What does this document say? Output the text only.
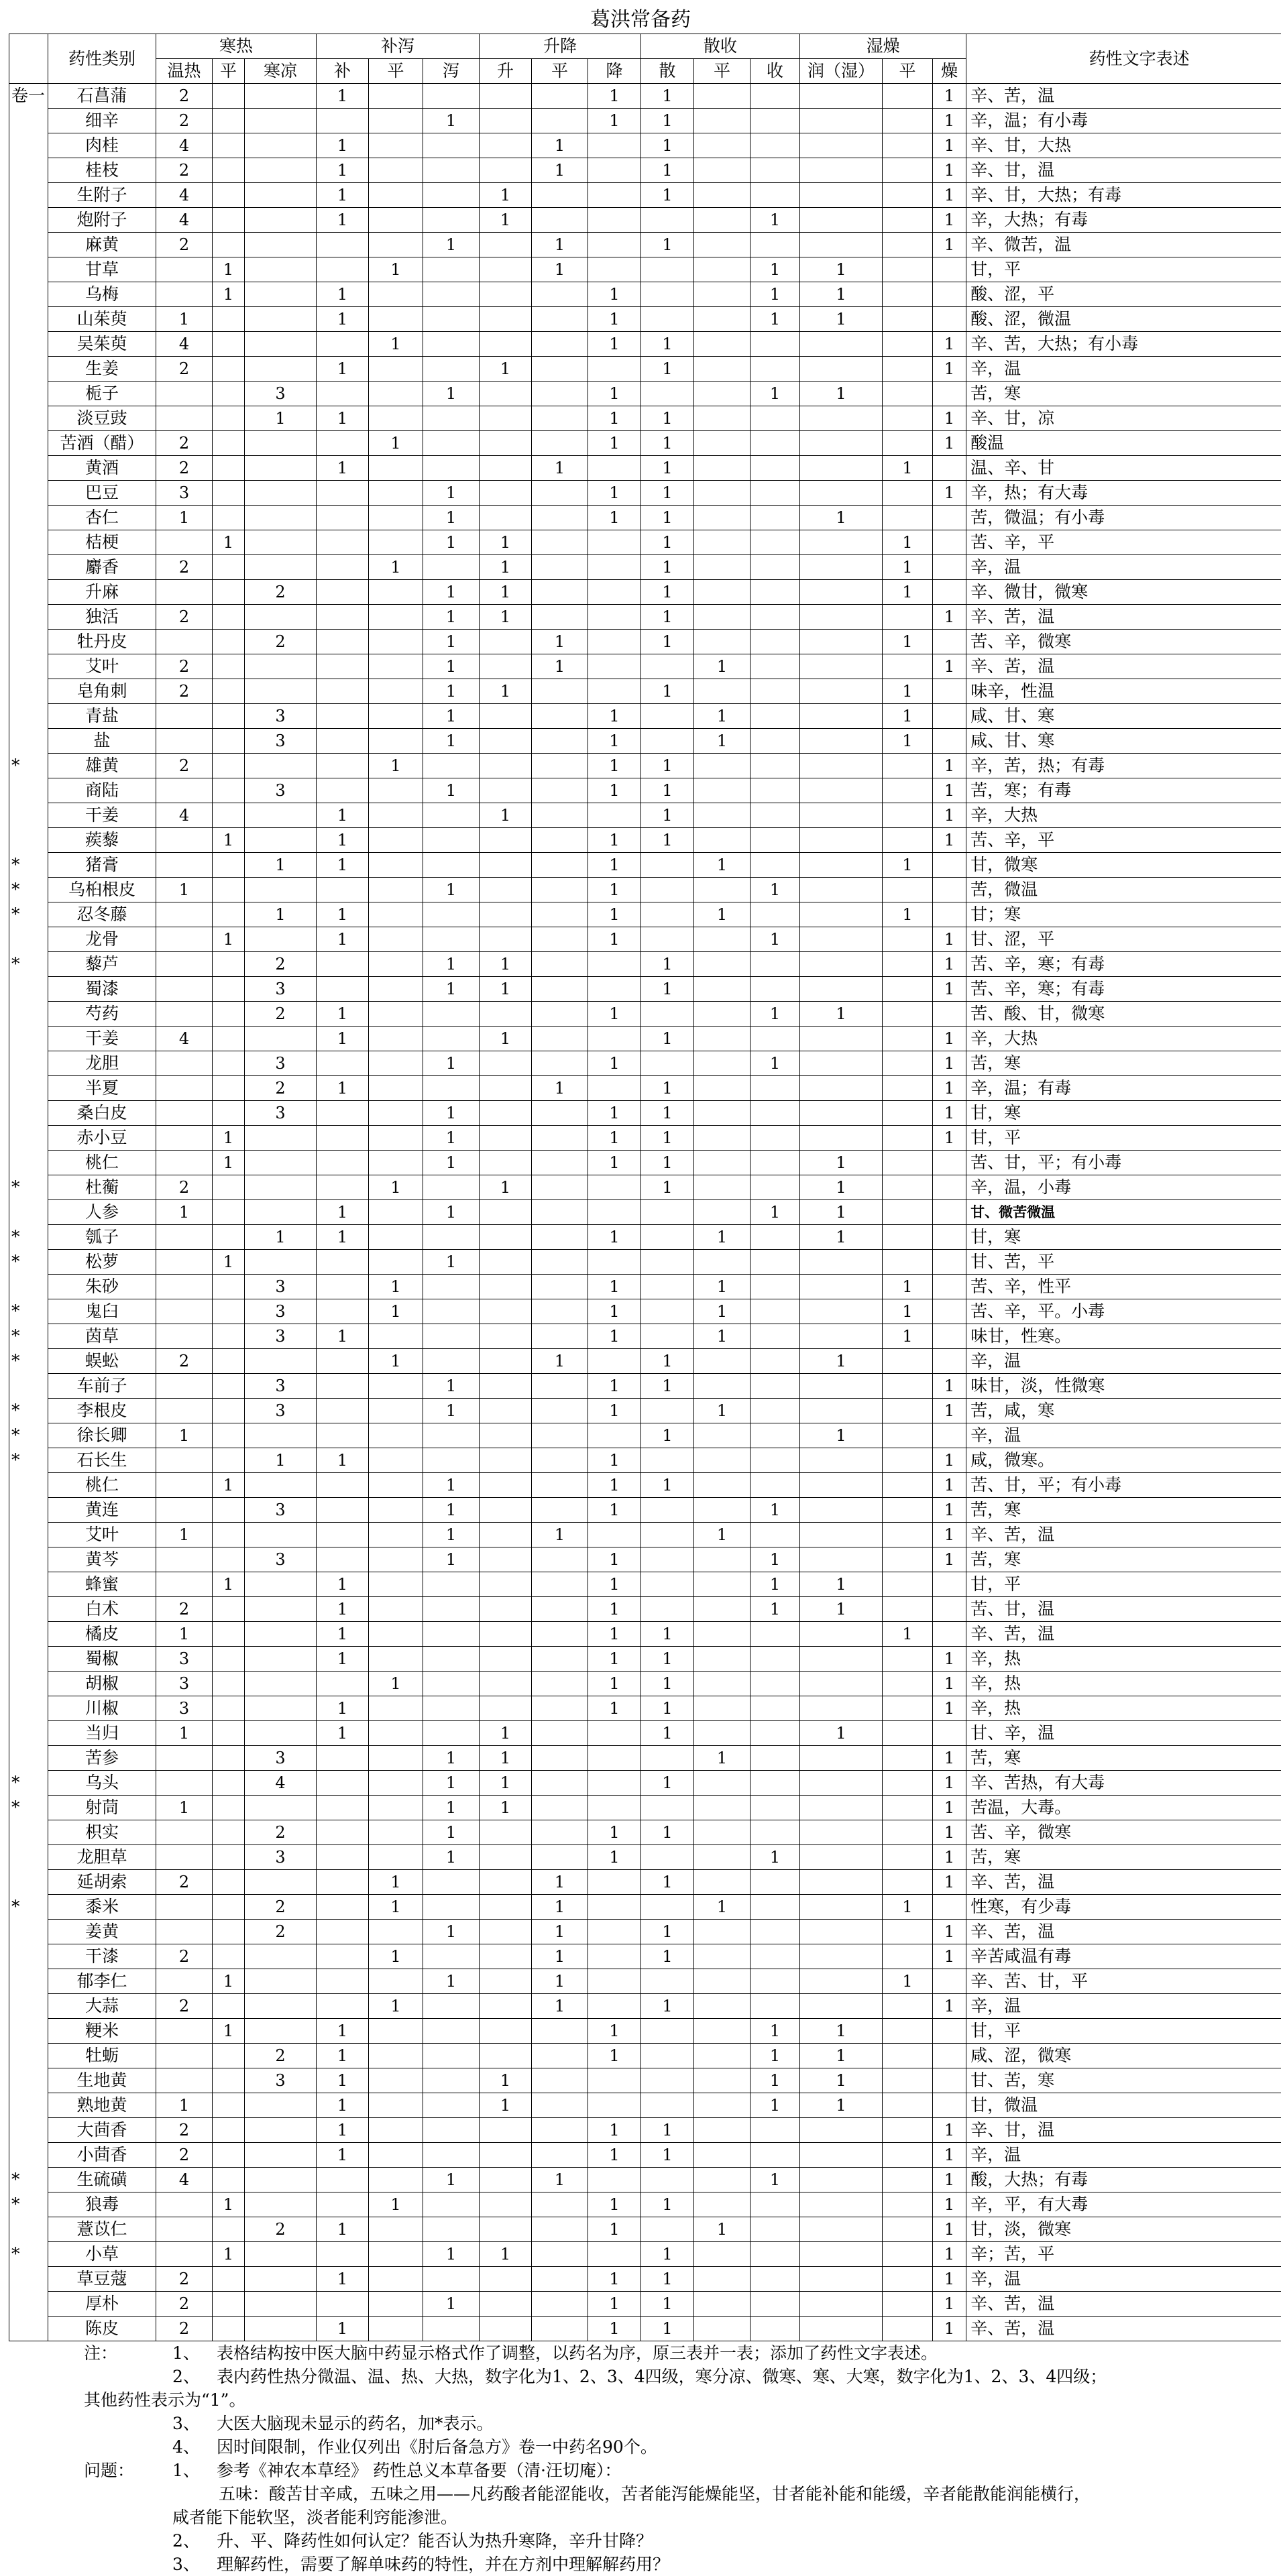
葛洪常备药
	药性类别	寒热			补泻			升降			散收			湿燥			药性文字表述
		温热	平	寒凉	补	平	泻	升	平	降	散	平	收	润（湿）	平	燥	
卷一	石菖蒲	2			1					1	1					1	辛、苦，温
	细辛	2					1			1	1					1	辛，温；有小毒
	肉桂	4			1				1		1					1	辛、甘，大热
	桂枝	2			1				1		1					1	辛、甘，温
	生附子	4			1			1			1					1	辛、甘，大热；有毒
	炮附子	4			1			1					1			1	辛，大热；有毒
	麻黄	2					1		1		1					1	辛、微苦，温
	甘草		1			1			1				1	1			甘，平
	乌梅		1		1					1			1	1			酸、涩，平
	山茱萸	1			1					1			1	1			酸、涩，微温
	吴茱萸	4				1				1	1					1	辛、苦，大热；有小毒
	生姜	2			1			1			1					1	辛，温
	栀子			3			1			1			1	1			苦，寒
	淡豆豉			1	1					1	1					1	辛、甘，凉
	苦酒（醋）	2				1				1	1					1	酸温
	黄酒	2			1				1		1				1		温、辛、甘
	巴豆	3					1			1	1					1	辛，热；有大毒
	杏仁	1					1			1	1			1			苦，微温；有小毒
	桔梗		1				1	1			1				1		苦、辛，平
	麝香	2				1		1			1				1		辛，温
	升麻			2			1	1			1				1		辛、微甘，微寒
	独活	2					1	1			1					1	辛、苦，温
	牡丹皮			2			1		1		1				1		苦、辛，微寒
	艾叶	2					1		1			1				1	辛、苦，温
	皂角刺	2					1	1			1				1		味辛，性温
	青盐			3			1			1		1			1		咸、甘、寒
	盐			3			1			1		1			1		咸、甘、寒
*	雄黄	2				1				1	1					1	辛，苦，热；有毒
	商陆			3			1			1	1					1	苦，寒；有毒
	干姜	4			1			1			1					1	辛，大热
	蒺藜		1		1					1	1					1	苦、辛，平
*	猪膏			1	1					1		1			1		甘，微寒
*	乌桕根皮	1					1			1			1				苦，微温
*	忍冬藤			1	1					1		1			1		甘；寒
	龙骨		1		1					1			1			1	甘、涩，平
*	藜芦			2			1	1			1					1	苦、辛，寒；有毒
	蜀漆			3			1	1			1					1	苦、辛，寒；有毒
	芍药			2	1					1			1	1			苦、酸、甘，微寒
	干姜	4			1			1			1					1	辛，大热
	龙胆			3			1			1			1			1	苦，寒
	半夏			2	1				1		1					1	辛，温；有毒
	桑白皮			3			1			1	1					1	甘，寒
	赤小豆		1				1			1	1					1	甘，平
	桃仁		1				1			1	1			1			苦、甘，平；有小毒
*	杜蘅	2				1		1			1			1			辛，温，小毒
	人参	1			1		1						1	1			甘、微苦微温
*	瓠子			1	1					1		1		1			甘，寒
*	松萝		1				1										甘、苦，平
	朱砂			3		1				1		1			1		苦、辛，性平
*	鬼臼			3		1				1		1			1		苦、辛，平。小毒
*	茵草			3	1					1		1			1		味甘，性寒。
*	蜈蚣	2				1			1		1			1			辛，温
	车前子			3			1			1	1					1	味甘，淡，性微寒
*	李根皮			3			1			1		1				1	苦，咸，寒
*	徐长卿	1									1			1			辛，温
*	石长生			1	1					1						1	咸，微寒。
	桃仁		1				1			1	1					1	苦、甘，平；有小毒
	黄连			3			1			1			1			1	苦，寒
	艾叶	1					1		1			1				1	辛、苦，温
	黄芩			3			1			1			1			1	苦，寒
	蜂蜜		1		1					1			1	1			甘，平
	白术	2			1					1			1	1			苦、甘，温
	橘皮	1			1					1	1				1		辛、苦，温
	蜀椒	3			1					1	1					1	辛，热
	胡椒	3				1				1	1					1	辛，热
	川椒	3			1					1	1					1	辛，热
	当归	1			1			1			1			1			甘、辛，温
	苦参			3			1	1				1				1	苦，寒
*	乌头			4			1	1			1					1	辛、苦热，有大毒
*	射茼	1					1	1								1	苦温，大毒。
	枳实			2			1			1	1					1	苦、辛，微寒
	龙胆草			3			1			1			1			1	苦，寒
	延胡索	2				1			1		1					1	辛、苦，温
*	黍米			2		1			1			1			1		性寒，有少毒
	姜黄			2			1		1		1					1	辛、苦，温
	干漆	2				1			1		1					1	辛苦咸温有毒
	郁李仁		1				1		1						1		辛、苦、甘，平
	大蒜	2				1			1		1					1	辛，温
	粳米		1		1					1			1	1			甘，平
	牡蛎			2	1					1			1	1			咸、涩，微寒
	生地黄			3	1			1					1	1			甘、苦，寒
	熟地黄	1			1			1					1	1			甘，微温
	大茴香	2			1					1	1					1	辛、甘，温
	小茴香	2			1					1	1					1	辛，温
*	生硫磺	4					1		1				1			1	酸，大热；有毒
*	狼毒		1			1				1	1					1	辛，平，有大毒
	薏苡仁			2	1					1		1				1	甘，淡，微寒
*	小草		1				1	1			1					1	辛；苦，平
	草豆蔻	2			1					1	1					1	辛，温
	厚朴	2					1			1	1					1	辛、苦，温
	陈皮	2			1					1	1					1	辛、苦，温
注：	1、 表格结构按中医大脑中药显示格式作了调整，以药名为序，原三表并一表；添加了药性文字表述。
2、 表内药性热分微温、温、热、大热，数字化为1、2、3、4四级，寒分凉、微寒、寒、大寒，数字化为1、2、3、4四级；
其他药性表示为“1”。
3、 大医大脑现未显示的药名，加*表示。
4、 因时间限制，作业仅列出《肘后备急方》卷一中药名90个。
问题： 1、 参考《神农本草经》 药性总义本草备要（清·汪切庵）：
五味：酸苦甘辛咸，五味之用——凡药酸者能涩能收，苦者能泻能燥能坚，甘者能补能和能缓，辛者能散能润能横行，
咸者能下能软坚，淡者能利窍能渗泄。
2、 升、平、降药性如何认定？能否认为热升寒降，辛升甘降？
3、 理解药性，需要了解单味药的特性，并在方剂中理解解药用？
